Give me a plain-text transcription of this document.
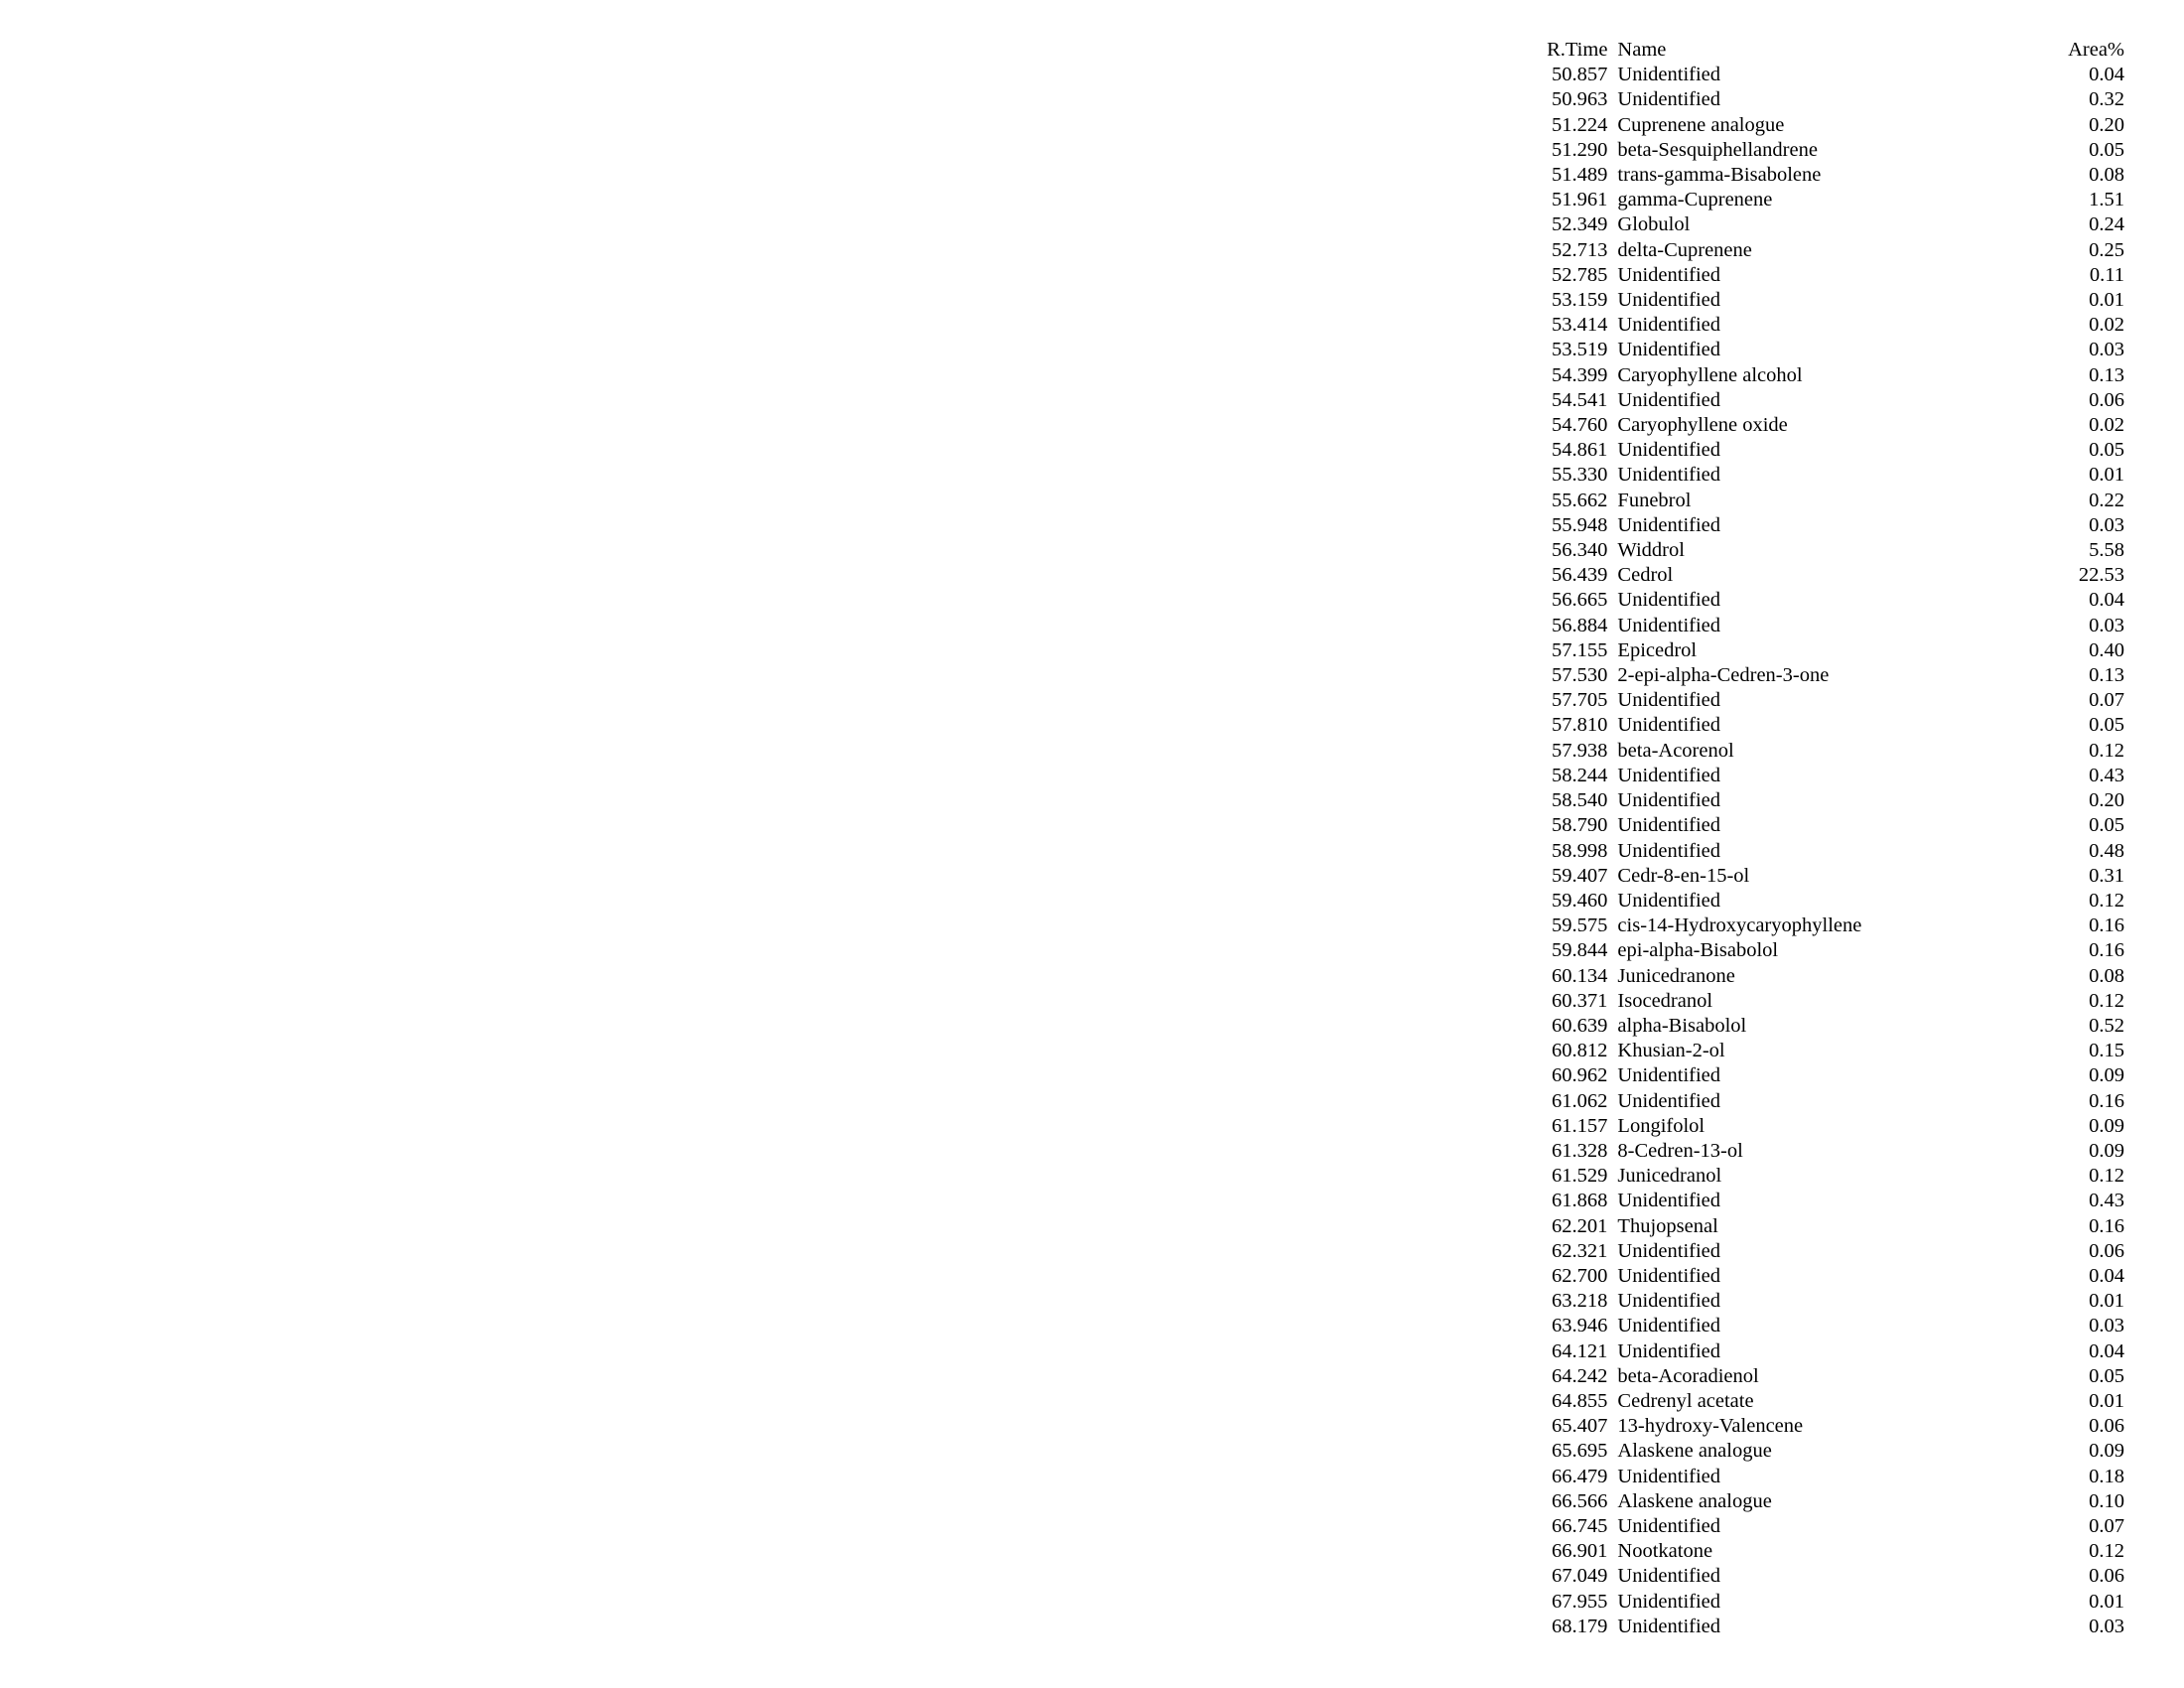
R.Time	Name	Area%
50.857	Unidentified	0.04
50.963	Unidentified	0.32
51.224	Cuprenene analogue	0.20
51.290	beta-Sesquiphellandrene	0.05
51.489	trans-gamma-Bisabolene	0.08
51.961	gamma-Cuprenene	1.51
52.349	Globulol	0.24
52.713	delta-Cuprenene	0.25
52.785	Unidentified	0.11
53.159	Unidentified	0.01
53.414	Unidentified	0.02
53.519	Unidentified	0.03
54.399	Caryophyllene alcohol	0.13
54.541	Unidentified	0.06
54.760	Caryophyllene oxide	0.02
54.861	Unidentified	0.05
55.330	Unidentified	0.01
55.662	Funebrol	0.22
55.948	Unidentified	0.03
56.340	Widdrol	5.58
56.439	Cedrol	22.53
56.665	Unidentified	0.04
56.884	Unidentified	0.03
57.155	Epicedrol	0.40
57.530	2-epi-alpha-Cedren-3-one	0.13
57.705	Unidentified	0.07
57.810	Unidentified	0.05
57.938	beta-Acorenol	0.12
58.244	Unidentified	0.43
58.540	Unidentified	0.20
58.790	Unidentified	0.05
58.998	Unidentified	0.48
59.407	Cedr-8-en-15-ol	0.31
59.460	Unidentified	0.12
59.575	cis-14-Hydroxycaryophyllene	0.16
59.844	epi-alpha-Bisabolol	0.16
60.134	Junicedranone	0.08
60.371	Isocedranol	0.12
60.639	alpha-Bisabolol	0.52
60.812	Khusian-2-ol	0.15
60.962	Unidentified	0.09
61.062	Unidentified	0.16
61.157	Longifolol	0.09
61.328	8-Cedren-13-ol	0.09
61.529	Junicedranol	0.12
61.868	Unidentified	0.43
62.201	Thujopsenal	0.16
62.321	Unidentified	0.06
62.700	Unidentified	0.04
63.218	Unidentified	0.01
63.946	Unidentified	0.03
64.121	Unidentified	0.04
64.242	beta-Acoradienol	0.05
64.855	Cedrenyl acetate	0.01
65.407	13-hydroxy-Valencene	0.06
65.695	Alaskene analogue	0.09
66.479	Unidentified	0.18
66.566	Alaskene analogue	0.10
66.745	Unidentified	0.07
66.901	Nootkatone	0.12
67.049	Unidentified	0.06
67.955	Unidentified	0.01
68.179	Unidentified	0.03
